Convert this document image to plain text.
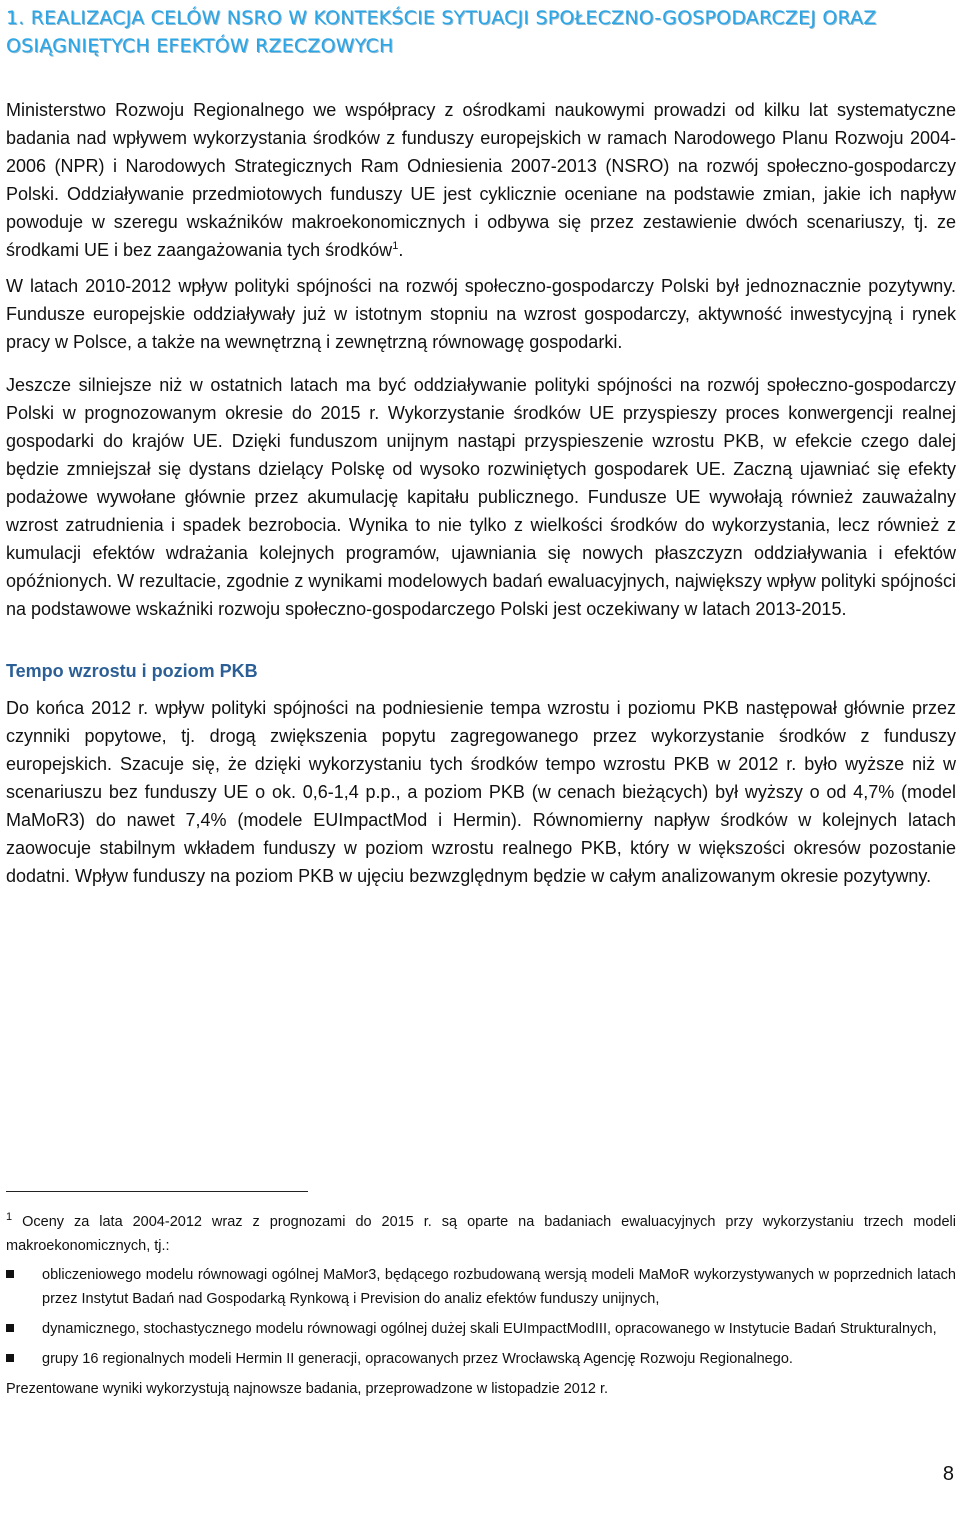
1. REALIZACJA CELÓW NSRO W KONTEKŚCIE SYTUACJI SPOŁECZNO-GOSPODARCZEJ ORAZ OSIĄGNIĘTYCH EFEKTÓW RZECZOWYCH

Ministerstwo Rozwoju Regionalnego we współpracy z ośrodkami naukowymi prowadzi od kilku lat systematyczne badania nad wpływem wykorzystania środków z funduszy europejskich w ramach Narodowego Planu Rozwoju 2004-2006 (NPR) i Narodowych Strategicznych Ram Odniesienia 2007-2013 (NSRO) na rozwój społeczno-gospodarczy Polski. Oddziaływanie przedmiotowych funduszy UE jest cyklicznie oceniane na podstawie zmian, jakie ich napływ powoduje w szeregu wskaźników makroekonomicznych i odbywa się przez zestawienie dwóch scenariuszy, tj. ze środkami UE i bez zaangażowania tych środków$^1$.

W latach 2010-2012 wpływ polityki spójności na rozwój społeczno-gospodarczy Polski był jednoznacznie pozytywny. Fundusze europejskie oddziaływały już w istotnym stopniu na wzrost gospodarczy, aktywność inwestycyjną i rynek pracy w Polsce, a także na wewnętrzną i zewnętrzną równowagę gospodarki.

Jeszcze silniejsze niż w ostatnich latach ma być oddziaływanie polityki spójności na rozwój społeczno-gospodarczy Polski w prognozowanym okresie do 2015 r. Wykorzystanie środków UE przyspieszy proces konwergencji realnej gospodarki do krajów UE. Dzięki funduszom unijnym nastąpi przyspieszenie wzrostu PKB, w efekcie czego dalej będzie zmniejszał się dystans dzielący Polskę od wysoko rozwiniętych gospodarek UE. Zaczną ujawniać się efekty podażowe wywołane głównie przez akumulację kapitału publicznego. Fundusze UE wywołają również zauważalny wzrost zatrudnienia i spadek bezrobocia. Wynika to nie tylko z wielkości środków do wykorzystania, lecz również z kumulacji efektów wdrażania kolejnych programów, ujawniania się nowych płaszczyzn oddziaływania i efektów opóźnionych. W rezultacie, zgodnie z wynikami modelowych badań ewaluacyjnych, największy wpływ polityki spójności na podstawowe wskaźniki rozwoju społeczno-gospodarczego Polski jest oczekiwany w latach 2013-2015.

Tempo wzrostu i poziom PKB

Do końca 2012 r. wpływ polityki spójności na podniesienie tempa wzrostu i poziomu PKB następował głównie przez czynniki popytowe, tj. drogą zwiększenia popytu zagregowanego przez wykorzystanie środków z funduszy europejskich. Szacuje się, że dzięki wykorzystaniu tych środków tempo wzrostu PKB w 2012 r. było wyższe niż w scenariuszu bez funduszy UE o ok. 0,6-1,4 p.p., a poziom PKB (w cenach bieżących) był wyższy o od 4,7% (model MaMoR3) do nawet 7,4% (modele EUImpactMod i Hermin). Równomierny napływ środków w kolejnych latach zaowocuje stabilnym wkładem funduszy w poziom wzrostu realnego PKB, który w większości okresów pozostanie dodatni. Wpływ funduszy na poziom PKB w ujęciu bezwzględnym będzie w całym analizowanym okresie pozytywny.

$^1$ Oceny za lata 2004-2012 wraz z prognozami do 2015 r. są oparte na badaniach ewaluacyjnych przy wykorzystaniu trzech modeli makroekonomicznych, tj.:

obliczeniowego modelu równowagi ogólnej MaMor3, będącego rozbudowaną wersją modeli MaMoR wykorzystywanych w poprzednich latach przez Instytut Badań nad Gospodarką Rynkową i Prevision do analiz efektów funduszy unijnych,
dynamicznego, stochastycznego modelu równowagi ogólnej dużej skali EUImpactModIII, opracowanego w Instytucie Badań Strukturalnych,
grupy 16 regionalnych modeli Hermin II generacji, opracowanych przez Wrocławską Agencję Rozwoju Regionalnego.

Prezentowane wyniki wykorzystują najnowsze badania, przeprowadzone w listopadzie 2012 r.

8
